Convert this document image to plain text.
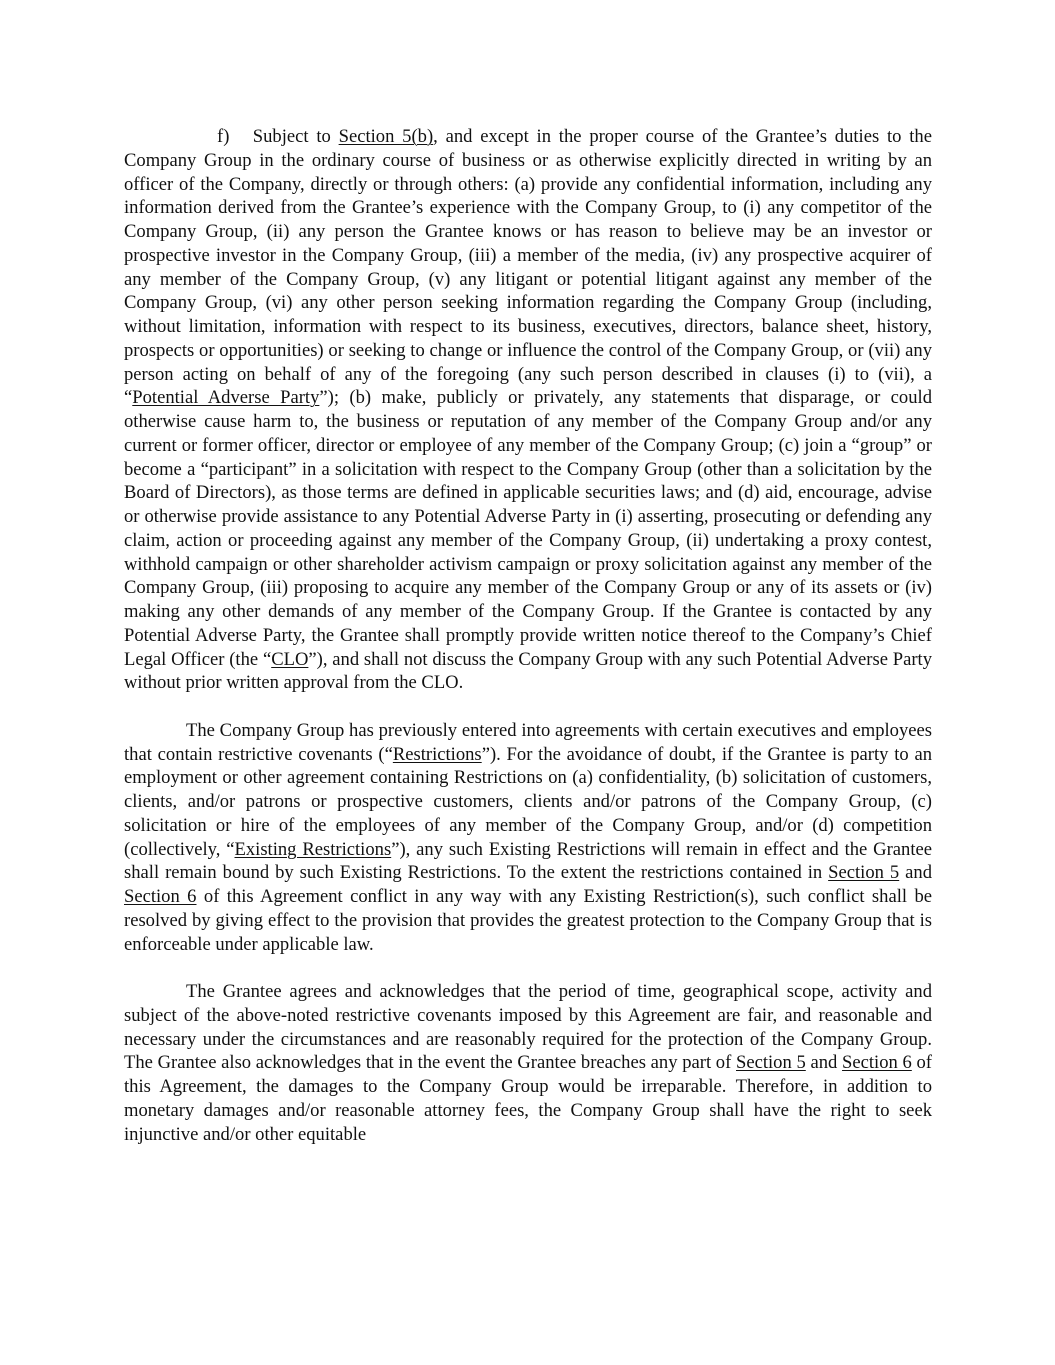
f) Subject to Section 5(b), and except in the proper course of the Grantee’s duties to the Company Group in the ordinary course of business or as otherwise explicitly directed in writing by an officer of the Company, directly or through others: (a) provide any confidential information, including any information derived from the Grantee’s experience with the Company Group, to (i) any competitor of the Company Group, (ii) any person the Grantee knows or has reason to believe may be an investor or prospective investor in the Company Group, (iii) a member of the media, (iv) any prospective acquirer of any member of the Company Group, (v) any litigant or potential litigant against any member of the Company Group, (vi) any other person seeking information regarding the Company Group (including, without limitation, information with respect to its business, executives, directors, balance sheet, history, prospects or opportunities) or seeking to change or influence the control of the Company Group, or (vii) any person acting on behalf of any of the foregoing (any such person described in clauses (i) to (vii), a “Potential Adverse Party”); (b) make, publicly or privately, any statements that disparage, or could otherwise cause harm to, the business or reputation of any member of the Company Group and/or any current or former officer, director or employee of any member of the Company Group; (c) join a “group” or become a “participant” in a solicitation with respect to the Company Group (other than a solicitation by the Board of Directors), as those terms are defined in applicable securities laws; and (d) aid, encourage, advise or otherwise provide assistance to any Potential Adverse Party in (i) asserting, prosecuting or defending any claim, action or proceeding against any member of the Company Group, (ii) undertaking a proxy contest, withhold campaign or other shareholder activism campaign or proxy solicitation against any member of the Company Group, (iii) proposing to acquire any member of the Company Group or any of its assets or (iv) making any other demands of any member of the Company Group. If the Grantee is contacted by any Potential Adverse Party, the Grantee shall promptly provide written notice thereof to the Company’s Chief Legal Officer (the “CLO”), and shall not discuss the Company Group with any such Potential Adverse Party without prior written approval from the CLO.

The Company Group has previously entered into agreements with certain executives and employees that contain restrictive covenants (“Restrictions”). For the avoidance of doubt, if the Grantee is party to an employment or other agreement containing Restrictions on (a) confidentiality, (b) solicitation of customers, clients, and/or patrons or prospective customers, clients and/or patrons of the Company Group, (c) solicitation or hire of the employees of any member of the Company Group, and/or (d) competition (collectively, “Existing Restrictions”), any such Existing Restrictions will remain in effect and the Grantee shall remain bound by such Existing Restrictions. To the extent the restrictions contained in Section 5 and Section 6 of this Agreement conflict in any way with any Existing Restriction(s), such conflict shall be resolved by giving effect to the provision that provides the greatest protection to the Company Group that is enforceable under applicable law.

The Grantee agrees and acknowledges that the period of time, geographical scope, activity and subject of the above-noted restrictive covenants imposed by this Agreement are fair, and reasonable and necessary under the circumstances and are reasonably required for the protection of the Company Group. The Grantee also acknowledges that in the event the Grantee breaches any part of Section 5 and Section 6 of this Agreement, the damages to the Company Group would be irreparable. Therefore, in addition to monetary damages and/or reasonable attorney fees, the Company Group shall have the right to seek injunctive and/or other equitable
